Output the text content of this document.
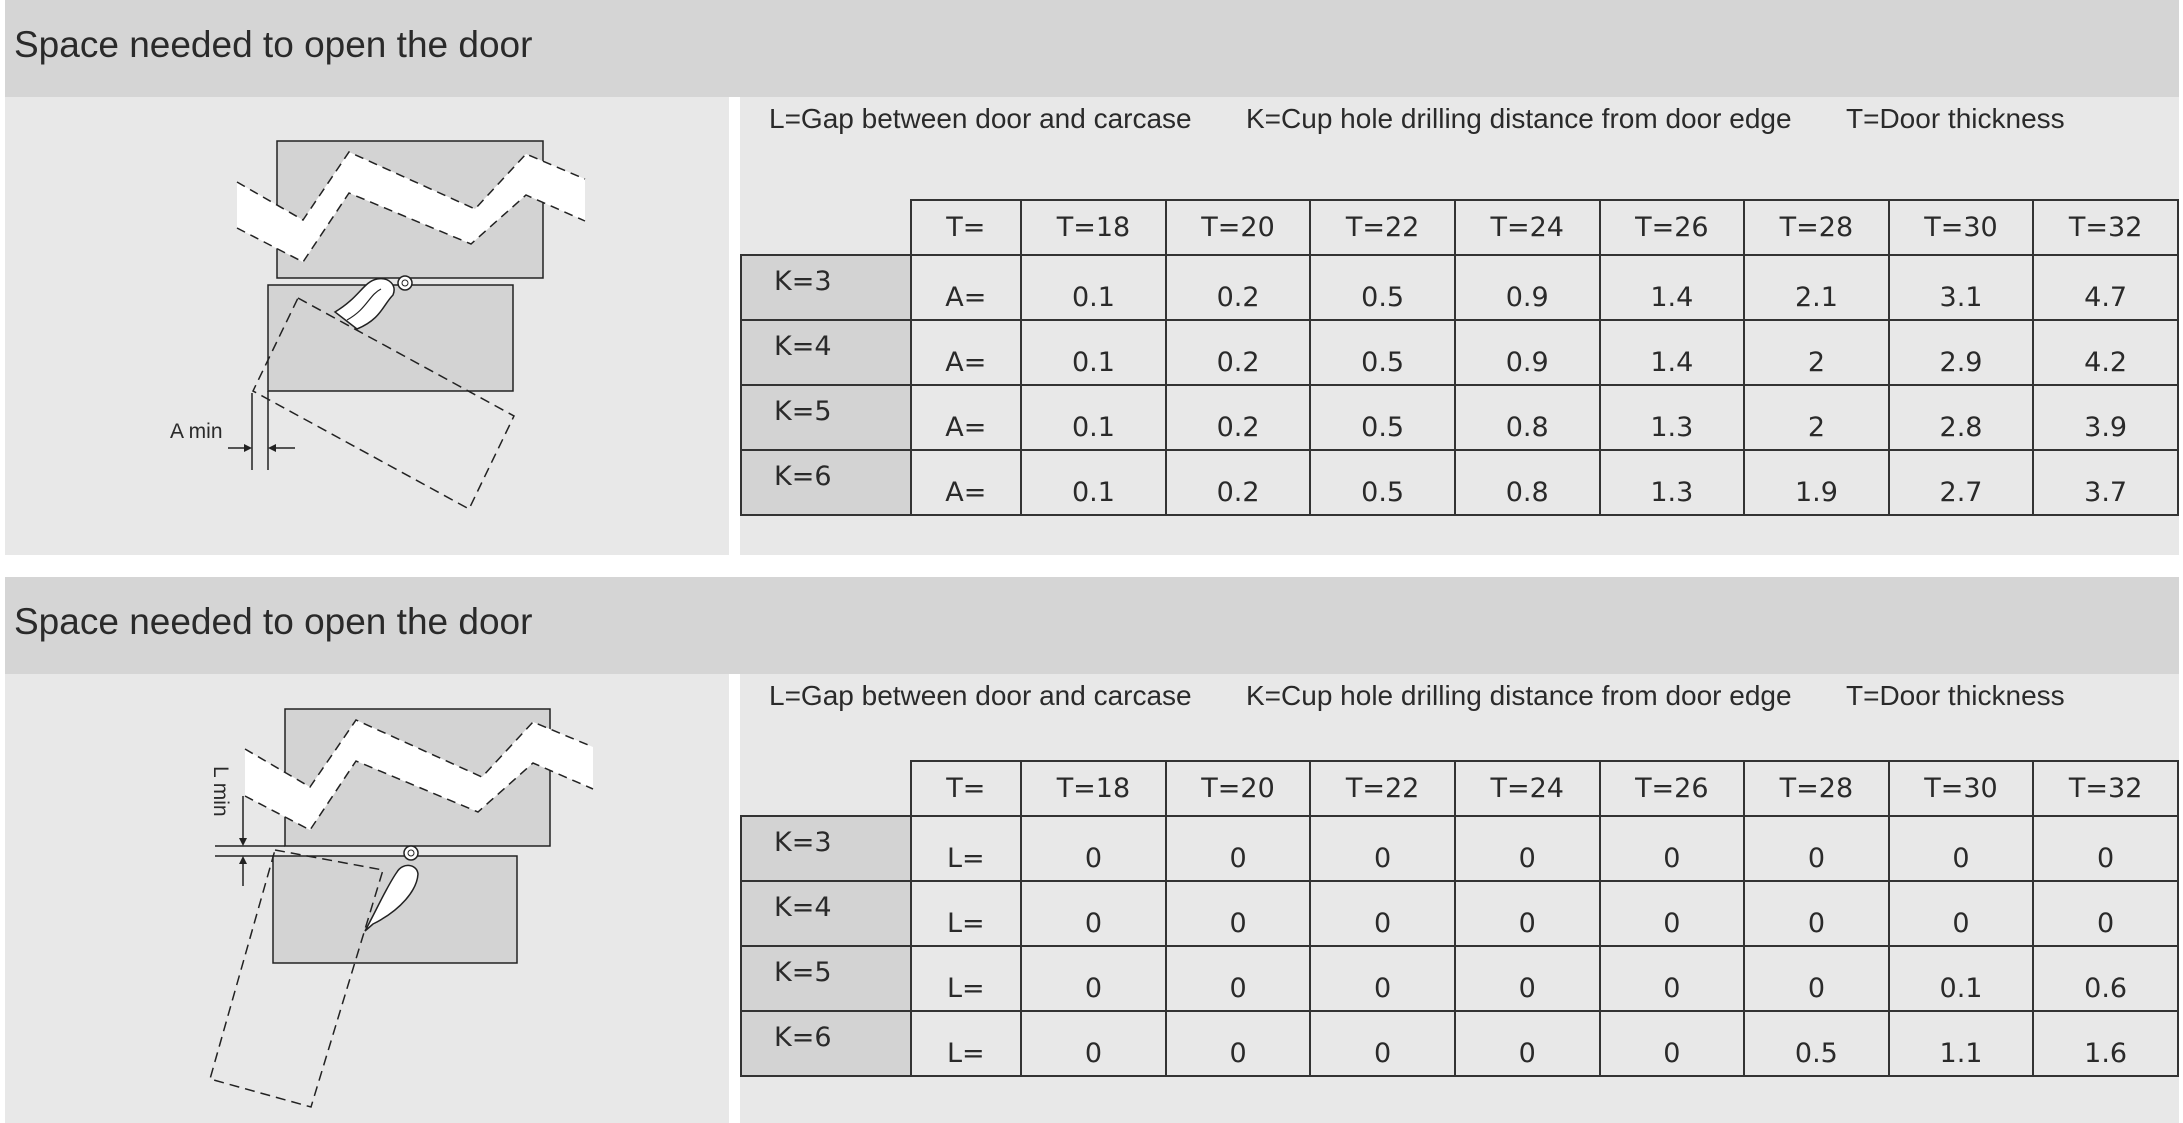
Space needed to open the door
A min
L=Gap between door and carcase K=Cup hole drilling distance from door edge T=Door thickness
	T=	T=18	T=20	T=22	T=24	T=26	T=28	T=30	T=32
K=3	A=	0.1	0.2	0.5	0.9	1.4	2.1	3.1	4.7
K=4	A=	0.1	0.2	0.5	0.9	1.4	2	2.9	4.2
K=5	A=	0.1	0.2	0.5	0.8	1.3	2	2.8	3.9
K=6	A=	0.1	0.2	0.5	0.8	1.3	1.9	2.7	3.7
Space needed to open the door
L min
L=Gap between door and carcase K=Cup hole drilling distance from door edge T=Door thickness
	T=	T=18	T=20	T=22	T=24	T=26	T=28	T=30	T=32
K=3	L=	0	0	0	0	0	0	0	0
K=4	L=	0	0	0	0	0	0	0	0
K=5	L=	0	0	0	0	0	0	0.1	0.6
K=6	L=	0	0	0	0	0	0.5	1.1	1.6
